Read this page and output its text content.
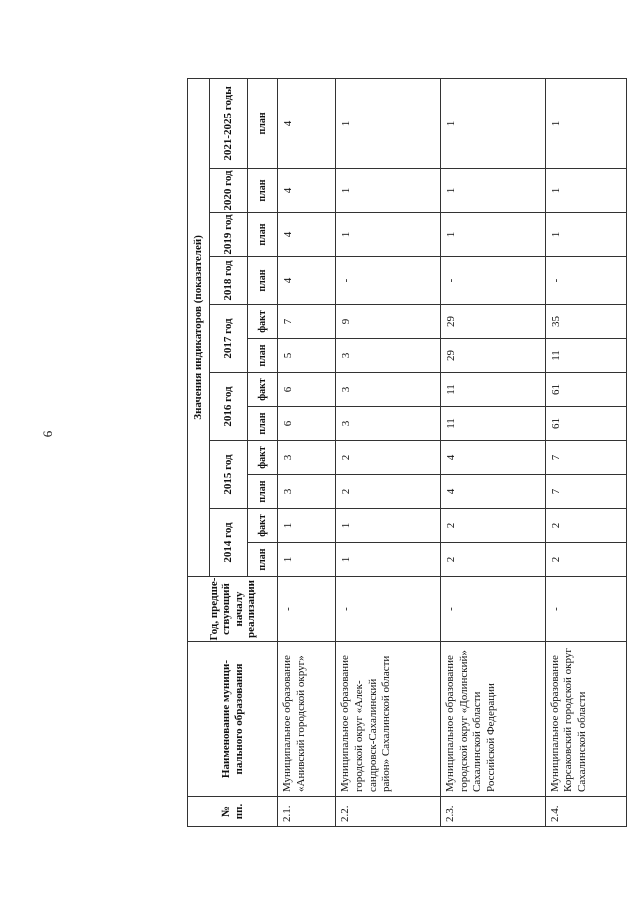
6
№ пп.	Наименование муниципального образования	Год, предшествующий началу реализации	Значения индикаторов (показателей)											
			2014 год		2015 год		2016 год		2017 год		2018 год	2019 год	2020 год	2021-2025 годы
			план	факт	план	факт	план	факт	план	факт	план	план	план	план
2.1.	Муниципальное образование «Анивский городской округ»	-	1	1	3	3	6	6	5	7	4	4	4	4
2.2.	Муниципальное образование городской округ «Александровск-Сахалинский район» Сахалинской области	-	1	1	2	2	3	3	3	9	-	1	1	1
2.3.	Муниципальное образование городской округ «Долинский» Сахалинской области Российской Федерации	-	2	2	4	4	11	11	29	29	-	1	1	1
2.4.	Муниципальное образование Корсаковский городской округ Сахалинской области	-	2	2	7	7	61	61	11	35	-	1	1	1
